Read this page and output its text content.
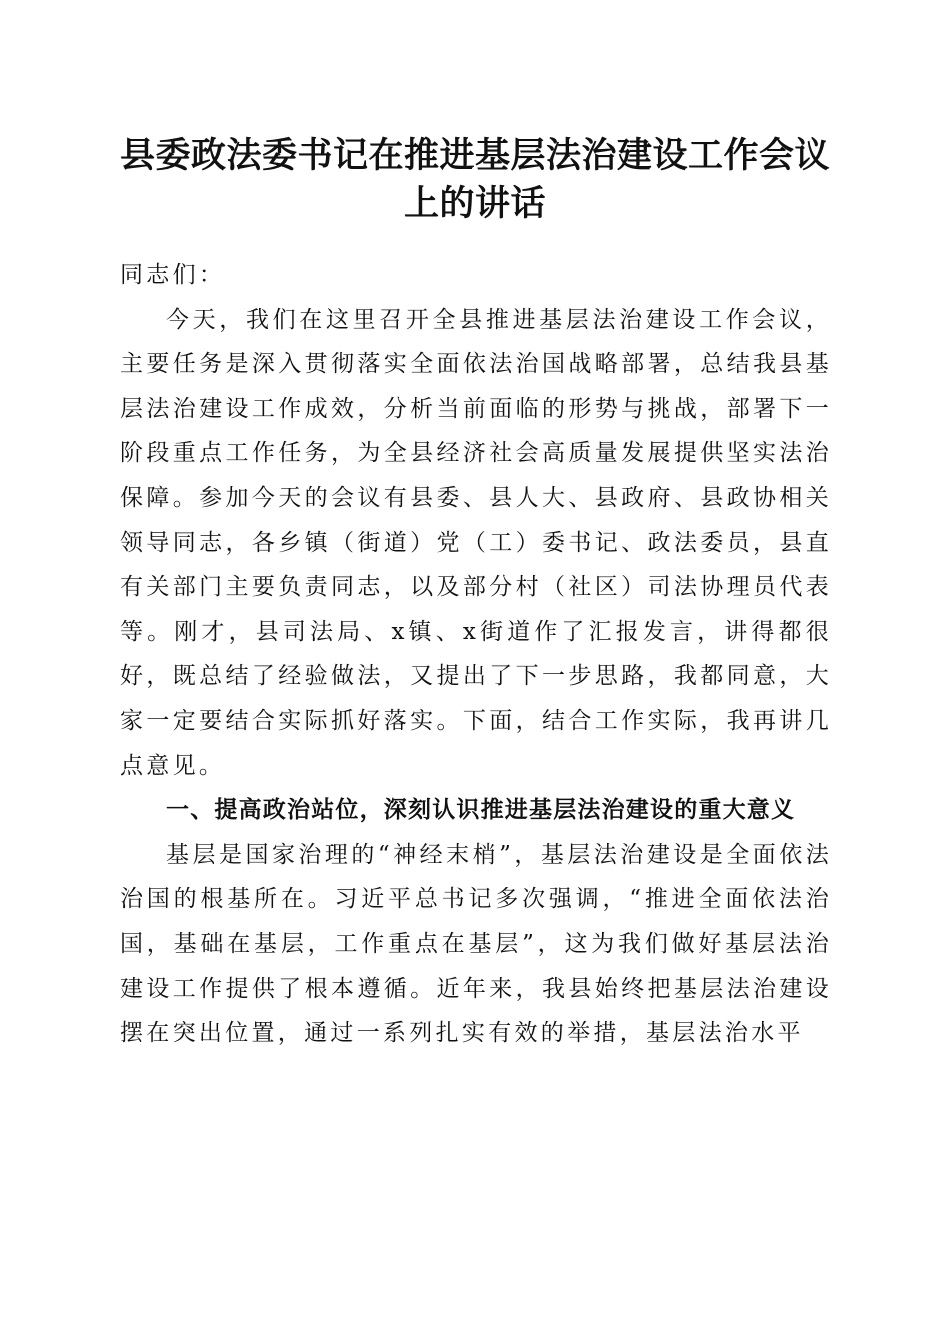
县委政法委书记在推进基层法治建设工作会议上的讲话

同志们：

今天，我们在这里召开全县推进基层法治建设工作会议，主要任务是深入贯彻落实全面依法治国战略部署，总结我县基层法治建设工作成效，分析当前面临的形势与挑战，部署下一阶段重点工作任务，为全县经济社会高质量发展提供坚实法治保障。参加今天的会议有县委、县人大、县政府、县政协相关领导同志，各乡镇（街道）党（工）委书记、政法委员，县直有关部门主要负责同志，以及部分村（社区）司法协理员代表等。刚才，县司法局、x镇、x街道作了汇报发言，讲得都很好，既总结了经验做法，又提出了下一步思路，我都同意，大家一定要结合实际抓好落实。下面，结合工作实际，我再讲几点意见。

一、提高政治站位，深刻认识推进基层法治建设的重大意义

基层是国家治理的“神经末梢”，基层法治建设是全面依法治国的根基所在。习近平总书记多次强调，“推进全面依法治国，基础在基层，工作重点在基层”，这为我们做好基层法治建设工作提供了根本遵循。近年来，我县始终把基层法治建设摆在突出位置，通过一系列扎实有效的举措，基层法治水平
